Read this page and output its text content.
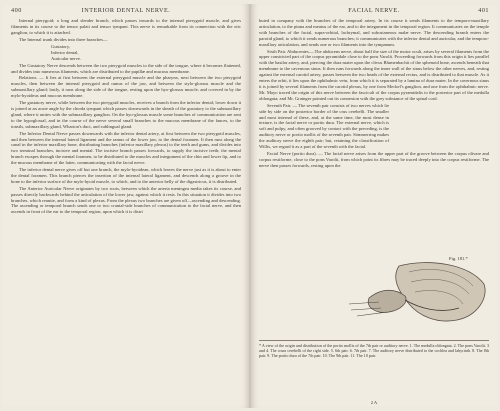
400	INTERIOR DENTAL NERVE.

Internal pterygoid; a long and slender branch, which passes inwards to the internal pterygoid muscle, and gives filaments in its course to the tensor palati and tensor tympani. This nerve is remarkable from its connection with the otic ganglion, to which it is attached.

The Internal trunk divides into three branches—

Gustatory,
Inferior dental,
Auricular nerve.

The Gustatory Nerve descends between the two pterygoid muscles to the side of the tongue, where it becomes flattened, and divides into numerous filaments, which are distributed to the papillæ and mucous membrane.

Relations. — It lies at first between the external pterygoid muscle and the pharynx, next between the two pterygoid muscles, then between the internal pterygoid and ramus of the jaw, and between the stylo-glossus muscle and the submaxillary gland; lastly, it runs along the side of the tongue, resting upon the hyo-glossus muscle, and covered in by the mylo-hyoideus and mucous membrane.

The gustatory nerve, while between the two pterygoid muscles, receives a branch from the inferior dental; lower down it is joined at an acute angle by the chorda tympani which passes downwards in the sheath of the gustatory to the submaxillary gland, where it unites with the submaxillary ganglion. On the hyo-glossus muscle some branches of communication are sent to the hypoglossal, and in the course of the nerve several small branches to the mucous membrane of the fauces, to the tonsils, submaxillary gland, Wharton's duct, and sublingual gland.

The Inferior Dental Nerve passes downwards with the inferior dental artery, at first between the two pterygoid muscles, and then between the internal lateral ligament and the ramus of the lower jaw, to the dental foramen. It then runs along the canal in the inferior maxillary bone, distributing branches (inferior maxillary plexus) to the teeth and gums, and divides into two terminal branches, incisive and mental. The incisive branch passes forwards, to supply the incisive teeth; the mental branch escapes through the mental foramen, to be distributed to the muscles and integument of the chin and lower lip, and to the mucous membrane of the latter, communicating with the facial nerve.

The inferior dental nerve gives off but one branch, the mylo-hyoidean, which leaves the nerve just as it is about to enter the dental foramen. This branch pierces the insertion of the internal lateral ligament, and descends along a groove in the bone to the inferior surface of the mylo-hyoid muscle, to which, and to the anterior belly of the digastricus, it is distributed.

The Anterior Auricular Nerve originates by two roots, between which the arteria meningea media takes its course, and passes directly backwards behind the articulation of the lower jaw, against which it rests. In this situation it divides into two branches, which reunite, and form a kind of plexus. From the plexus two branches are given off—ascending and descending. The ascending or temporal branch sends one or two cranial-side branches of communication to the facial nerve, and then ascends in front of the ear to the temporal region, upon which it is distri

FACIAL NERVE.	401

buted in company with the branches of the temporal artery. In its course it sends filaments to the temporo-maxillary articulation, to the pinna and meatus of the ear, and to the integument in the temporal region. It communicates on the temple with branches of the facial, supra-orbital, lachrymal, and subcutaneous malæ nerve. The descending branch enters the parotid gland, to which it sends numerous branches; it communicates with the inferior dental and auricular, and the temporo-maxillary articulation, and sends one or two filaments into the tympanum.

Sixth Pair. Abducentes.—The abducens nerve, about half the size of the motor oculi, arises by several filaments from the upper constricted part of the corpus pyramidale close to the pons Varolii. Proceeding forwards from this origin it lies parallel with the basilar artery, and, piercing the dura mater upon the clivus Blumenbachii of the sphenoid bone, ascends beneath that membrane to the cavernous sinus. It then runs forwards along the inner wall of the sinus below the other nerves, and, resting against the external carotid artery, passes between the two heads of the external rectus, and is distributed to that muscle. As it enters the orbit, it lies upon the ophthalmic vein, from which it is separated by a lamina of dura mater. In the cavernous sinus it is joined by several filaments from the carotid plexus, by one from Meckel's ganglion, and one from the ophthalmic nerve. Mr. Mayo traced the origin of this nerve between the fasciculi of the corpus pyramidalis to the posterior part of the medulla oblongata; and Mr. Grainger pointed out its connexion with the grey substance of the spinal cord.

Seventh Pair. — The seventh pair consists of two nerves which lie side by side on the posterior border of the crus cerebelli. The smaller and most internal of these, and, at the same time, the most dense in texture, is the facial nerve or portio dura. The external nerve, which is soft and pulpy, and often grooved by contact with the preceding, is the auditory nerve or portio mollis of the seventh pair. Sömmerring makes the auditory nerve the eighth pair; but, retaining the classification of Willis, we regard it as a part of the seventh with the facial.

Facial Nerve (portio dura). — The facial nerve arises from the upper part of the groove between the corpus olivare and corpus restiforme, close to the pons Varolii, from which point its fibres may be traced deeply into the corpus restiforme. The nerve then passes forwards, resting upon the

Fig. 181.*
* A view of the origin and distribution of the portio mollis of the 7th pair or auditory nerve. 1. The medulla oblongata. 2. The pons Varolii. 3 and 4. The crura cerebelli of the right side. 5. 6th pair. 6. 7th pair. 7. The auditory nerve distributed to the cochlea and labyrinth. 8. The 8th pair. 9. The portio dura of the 7th pair. 10. The 9th pair. 11. The 10 pair.
2 A
